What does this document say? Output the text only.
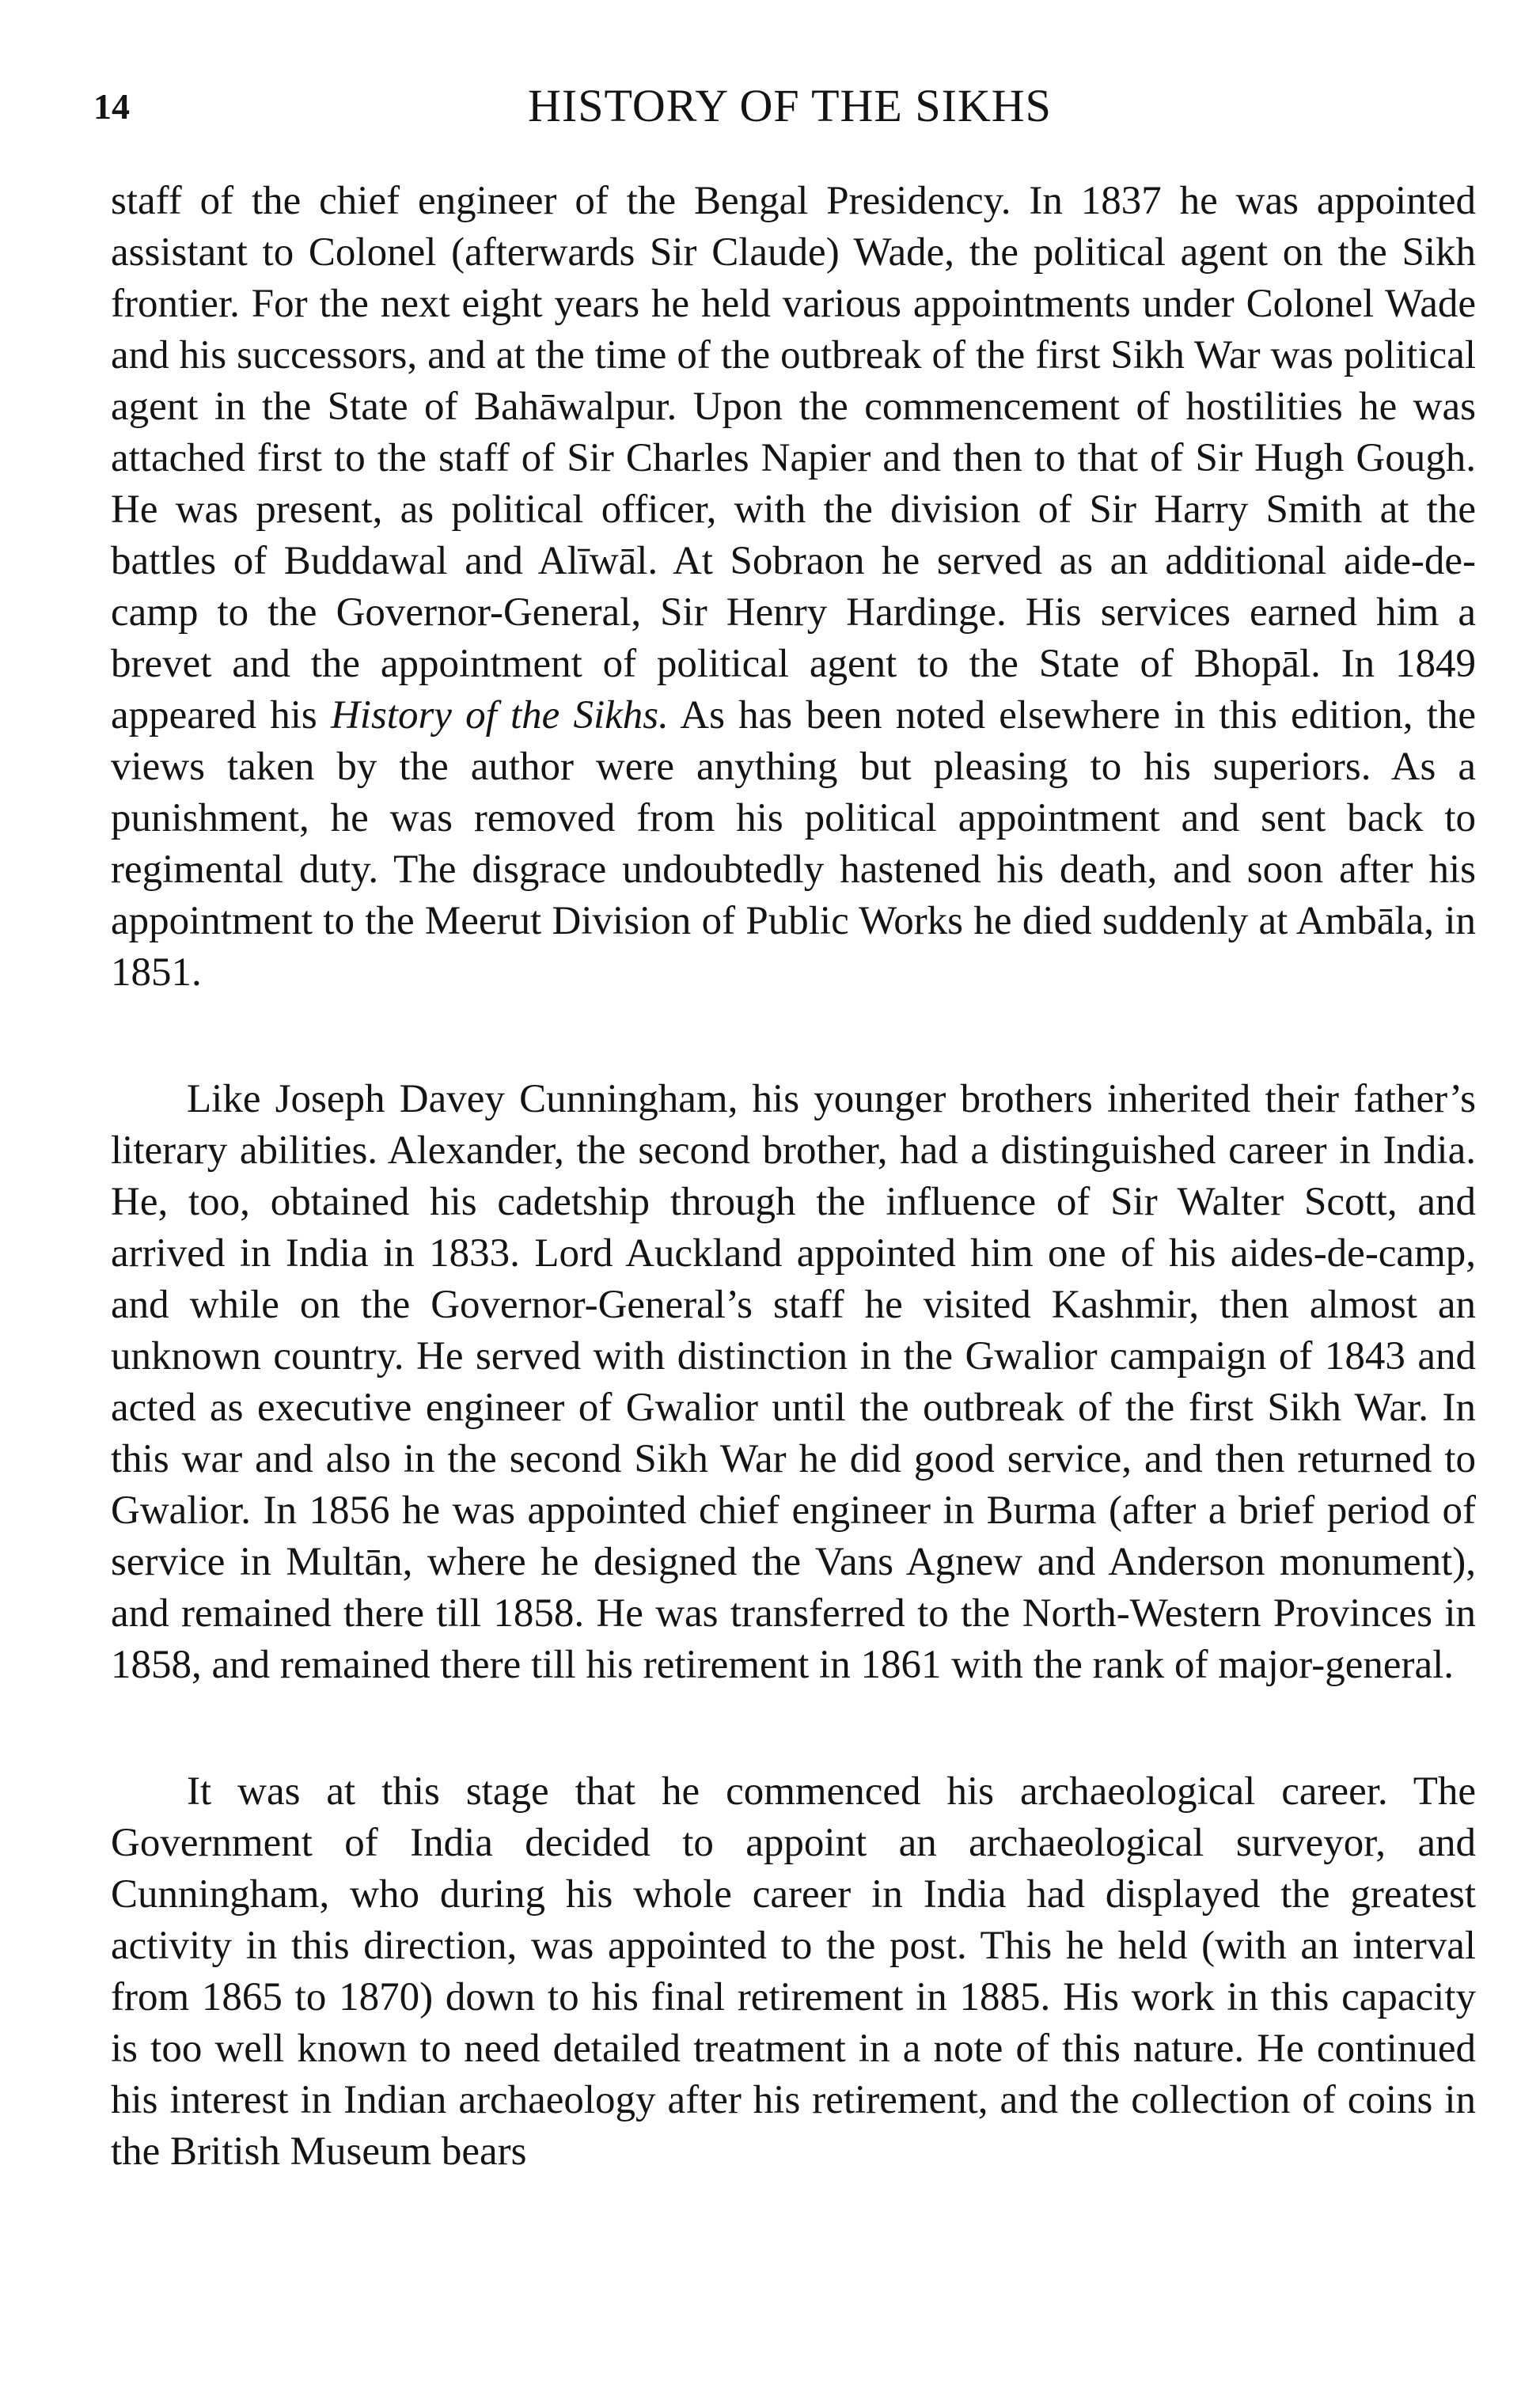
14	HISTORY OF THE SIKHS

staff of the chief engineer of the Bengal Presidency. In 1837 he was appointed assistant to Colonel (afterwards Sir Claude) Wade, the political agent on the Sikh frontier. For the next eight years he held various appointments under Colonel Wade and his successors, and at the time of the outbreak of the first Sikh War was political agent in the State of Bahāwalpur. Upon the commencement of hostilities he was attached first to the staff of Sir Charles Napier and then to that of Sir Hugh Gough. He was present, as political officer, with the division of Sir Harry Smith at the battles of Buddawal and Alīwāl. At Sobraon he served as an additional aide-de-camp to the Governor-General, Sir Henry Hardinge. His services earned him a brevet and the appointment of political agent to the State of Bhopāl. In 1849 appeared his History of the Sikhs. As has been noted elsewhere in this edition, the views taken by the author were anything but pleasing to his superiors. As a punishment, he was removed from his political appointment and sent back to regimental duty. The disgrace undoubtedly hastened his death, and soon after his appointment to the Meerut Division of Public Works he died suddenly at Ambāla, in 1851.

Like Joseph Davey Cunningham, his younger brothers inherited their father’s literary abilities. Alexander, the second brother, had a distinguished career in India. He, too, obtained his cadetship through the influence of Sir Walter Scott, and arrived in India in 1833. Lord Auckland appointed him one of his aides-de-camp, and while on the Governor-General’s staff he visited Kashmir, then almost an unknown country. He served with distinction in the Gwalior campaign of 1843 and acted as executive engineer of Gwalior until the outbreak of the first Sikh War. In this war and also in the second Sikh War he did good service, and then returned to Gwalior. In 1856 he was appointed chief engineer in Burma (after a brief period of service in Multān, where he designed the Vans Agnew and Anderson monument), and remained there till 1858. He was transferred to the North-Western Provinces in 1858, and remained there till his retirement in 1861 with the rank of major-general.

It was at this stage that he commenced his archaeological career. The Government of India decided to appoint an archaeological surveyor, and Cunningham, who during his whole career in India had displayed the greatest activity in this direction, was appointed to the post. This he held (with an interval from 1865 to 1870) down to his final retirement in 1885. His work in this capacity is too well known to need detailed treatment in a note of this nature. He continued his interest in Indian archaeology after his retirement, and the collection of coins in the British Museum bears
